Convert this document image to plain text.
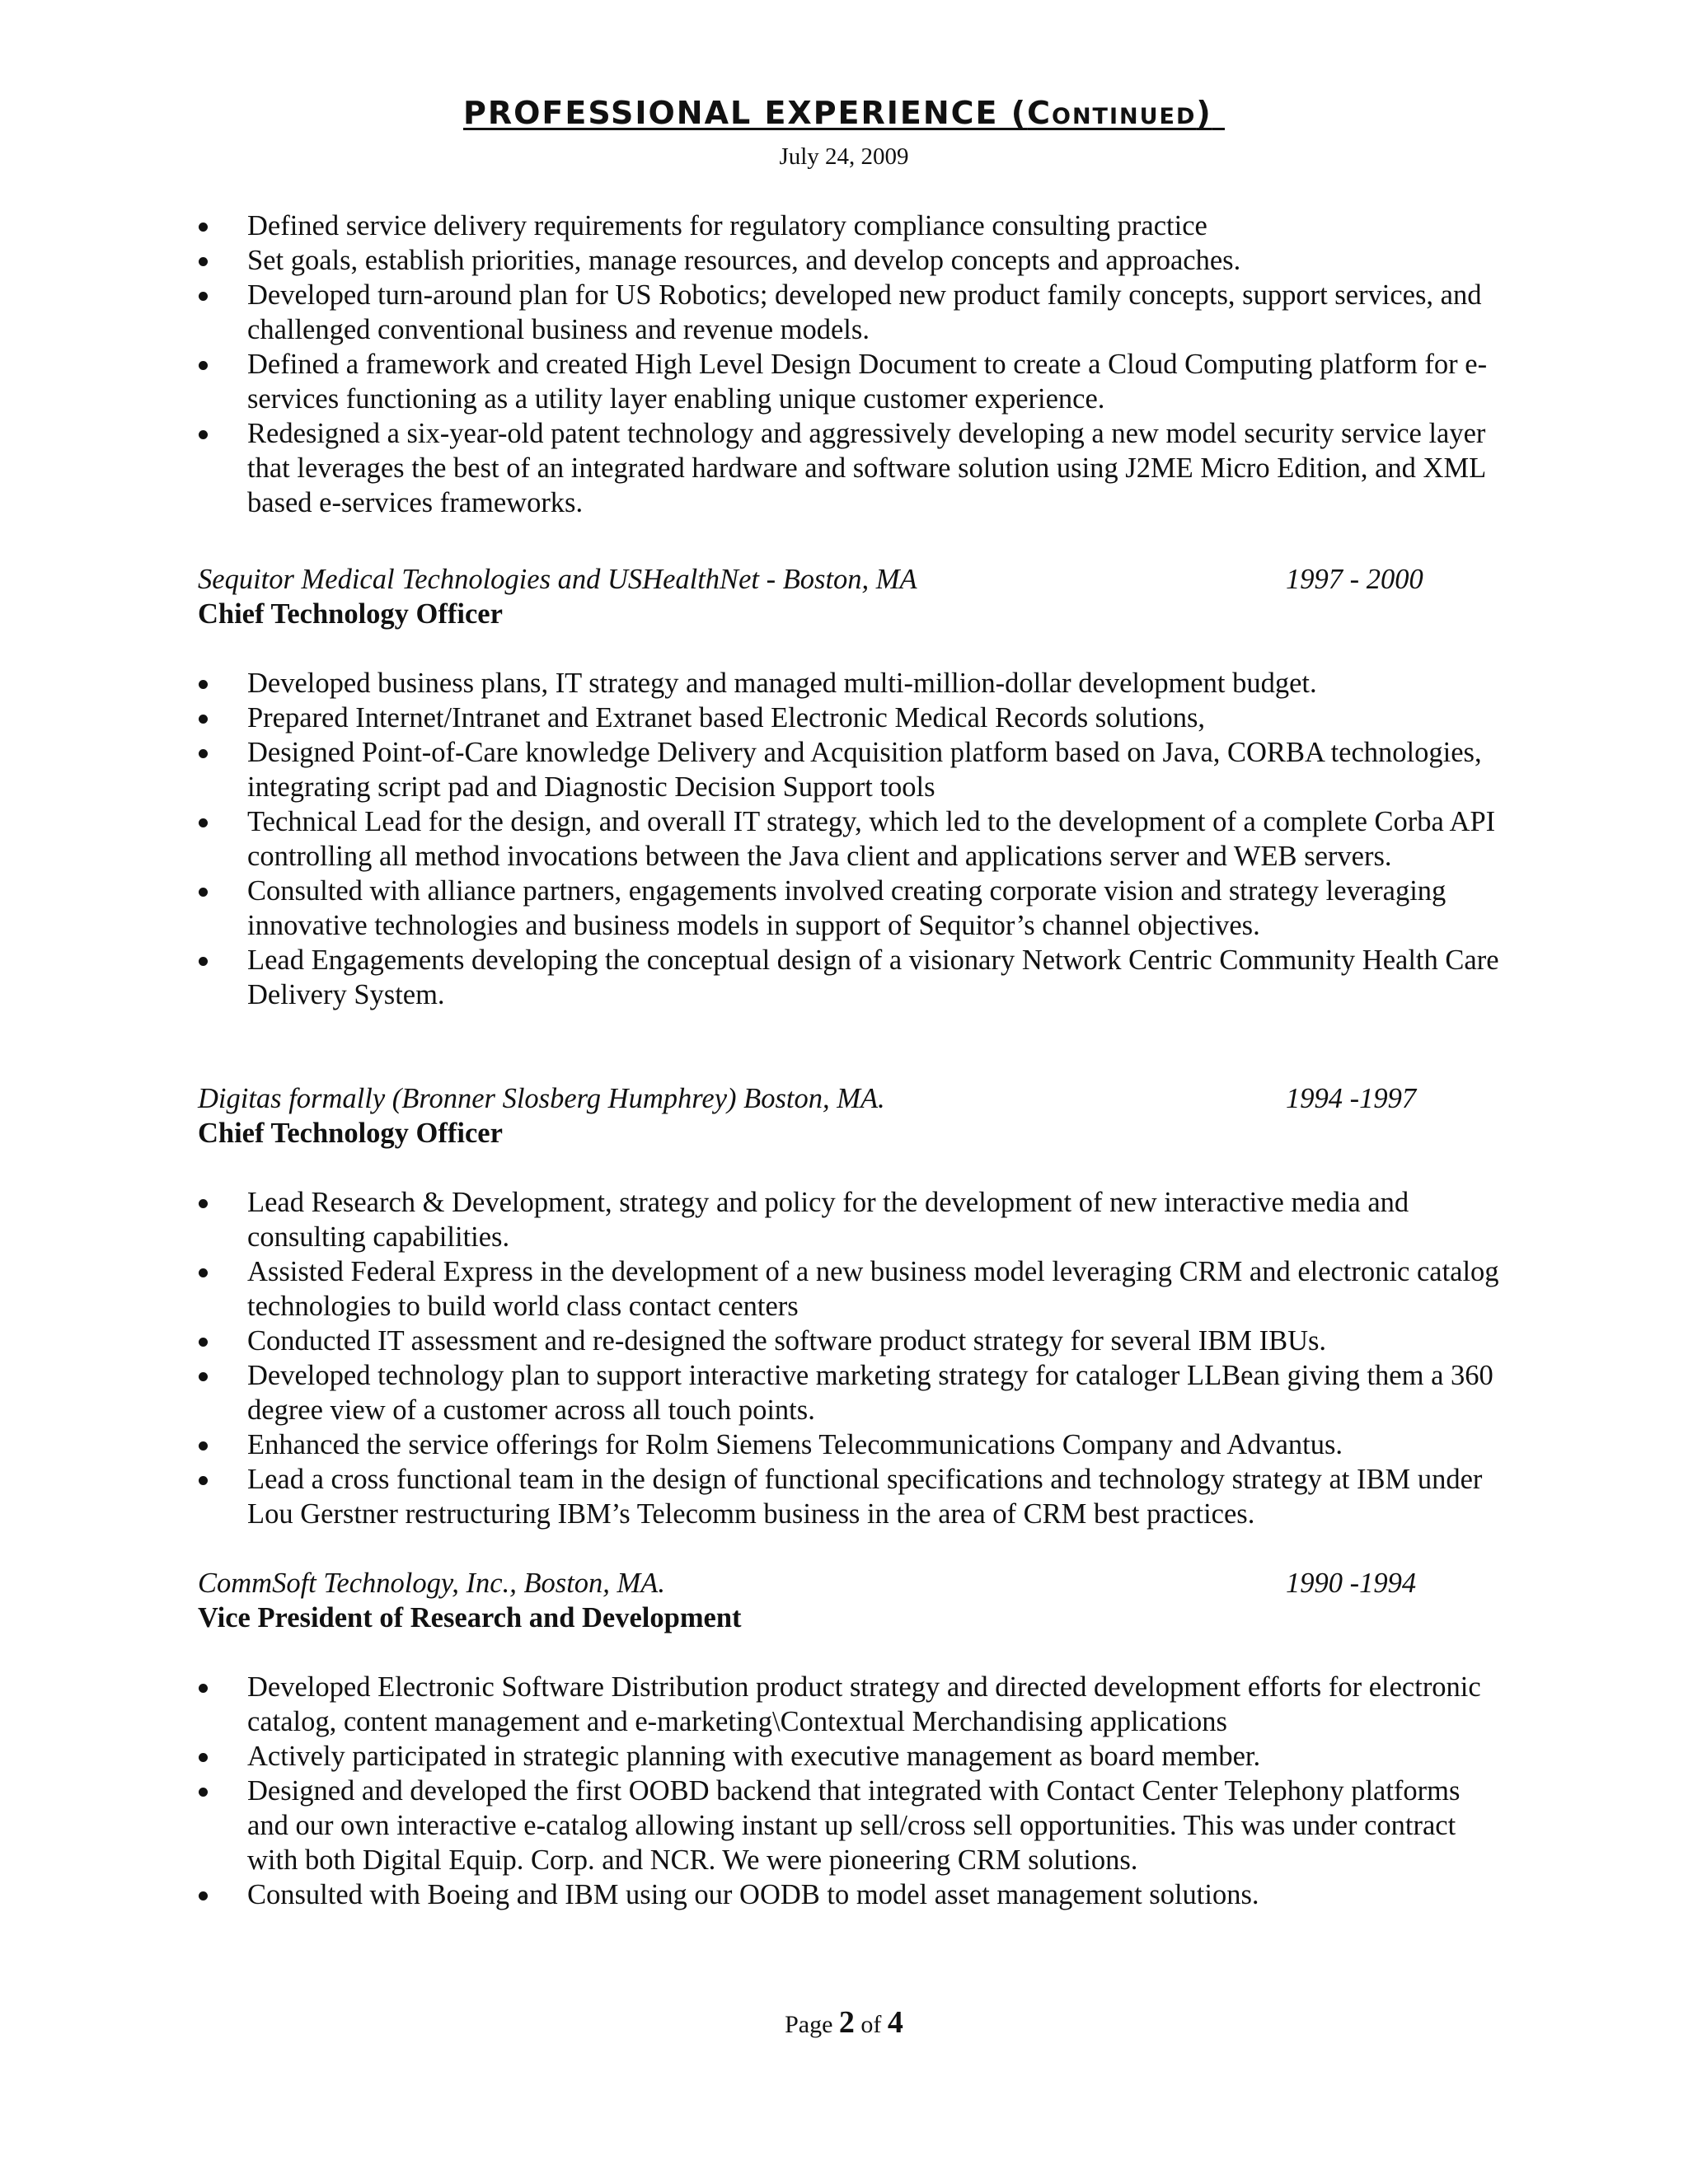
PROFESSIONAL EXPERIENCE (Continued)
July 24, 2009
Defined service delivery requirements for regulatory compliance consulting practice
Set goals, establish priorities, manage resources, and develop concepts and approaches.
Developed turn-around plan for US Robotics; developed new product family concepts, support services, and challenged conventional business and revenue models.
Defined a framework and created High Level Design Document to create a Cloud Computing platform for e-services functioning as a utility layer enabling unique customer experience.
Redesigned a six-year-old patent technology and aggressively developing a new model security service layer that leverages the best of an integrated hardware and software solution using J2ME Micro Edition, and XML based e-services frameworks.
Sequitor Medical Technologies and USHealthNet - Boston, MA	1997 - 2000
Chief Technology Officer
Developed business plans, IT strategy and managed multi-million-dollar development budget.
Prepared Internet/Intranet and Extranet based Electronic Medical Records solutions,
Designed Point-of-Care knowledge Delivery and Acquisition platform based on Java, CORBA technologies, integrating script pad and Diagnostic Decision Support tools
Technical Lead for the design, and overall IT strategy, which led to the development of a complete Corba API controlling all method invocations between the Java client and applications server and WEB servers.
Consulted with alliance partners, engagements involved creating corporate vision and strategy leveraging innovative technologies and business models in support of Sequitor’s channel objectives.
Lead Engagements developing the conceptual design of a visionary Network Centric Community Health Care Delivery System.
Digitas formally (Bronner Slosberg Humphrey) Boston, MA.	1994 -1997
Chief Technology Officer
Lead Research & Development, strategy and policy for the development of new interactive media and consulting capabilities.
Assisted Federal Express in the development of a new business model leveraging CRM and electronic catalog technologies to build world class contact centers
Conducted IT assessment and re-designed the software product strategy for several IBM IBUs.
Developed technology plan to support interactive marketing strategy for cataloger LLBean giving them a 360 degree view of a customer across all touch points.
Enhanced the service offerings for Rolm Siemens Telecommunications Company and Advantus.
Lead a cross functional team in the design of functional specifications and technology strategy at IBM under Lou Gerstner restructuring IBM’s Telecomm business in the area of CRM best practices.
CommSoft Technology, Inc., Boston, MA.	1990 -1994
Vice President of Research and Development
Developed Electronic Software Distribution product strategy and directed development efforts for electronic catalog, content management and e-marketing\Contextual Merchandising applications
Actively participated in strategic planning with executive management as board member.
Designed and developed the first OOBD backend that integrated with Contact Center Telephony platforms and our own interactive e-catalog allowing instant up sell/cross sell opportunities. This was under contract with both Digital Equip. Corp. and NCR. We were pioneering CRM solutions.
Consulted with Boeing and IBM using our OODB to model asset management solutions.
Page 2 of 4
